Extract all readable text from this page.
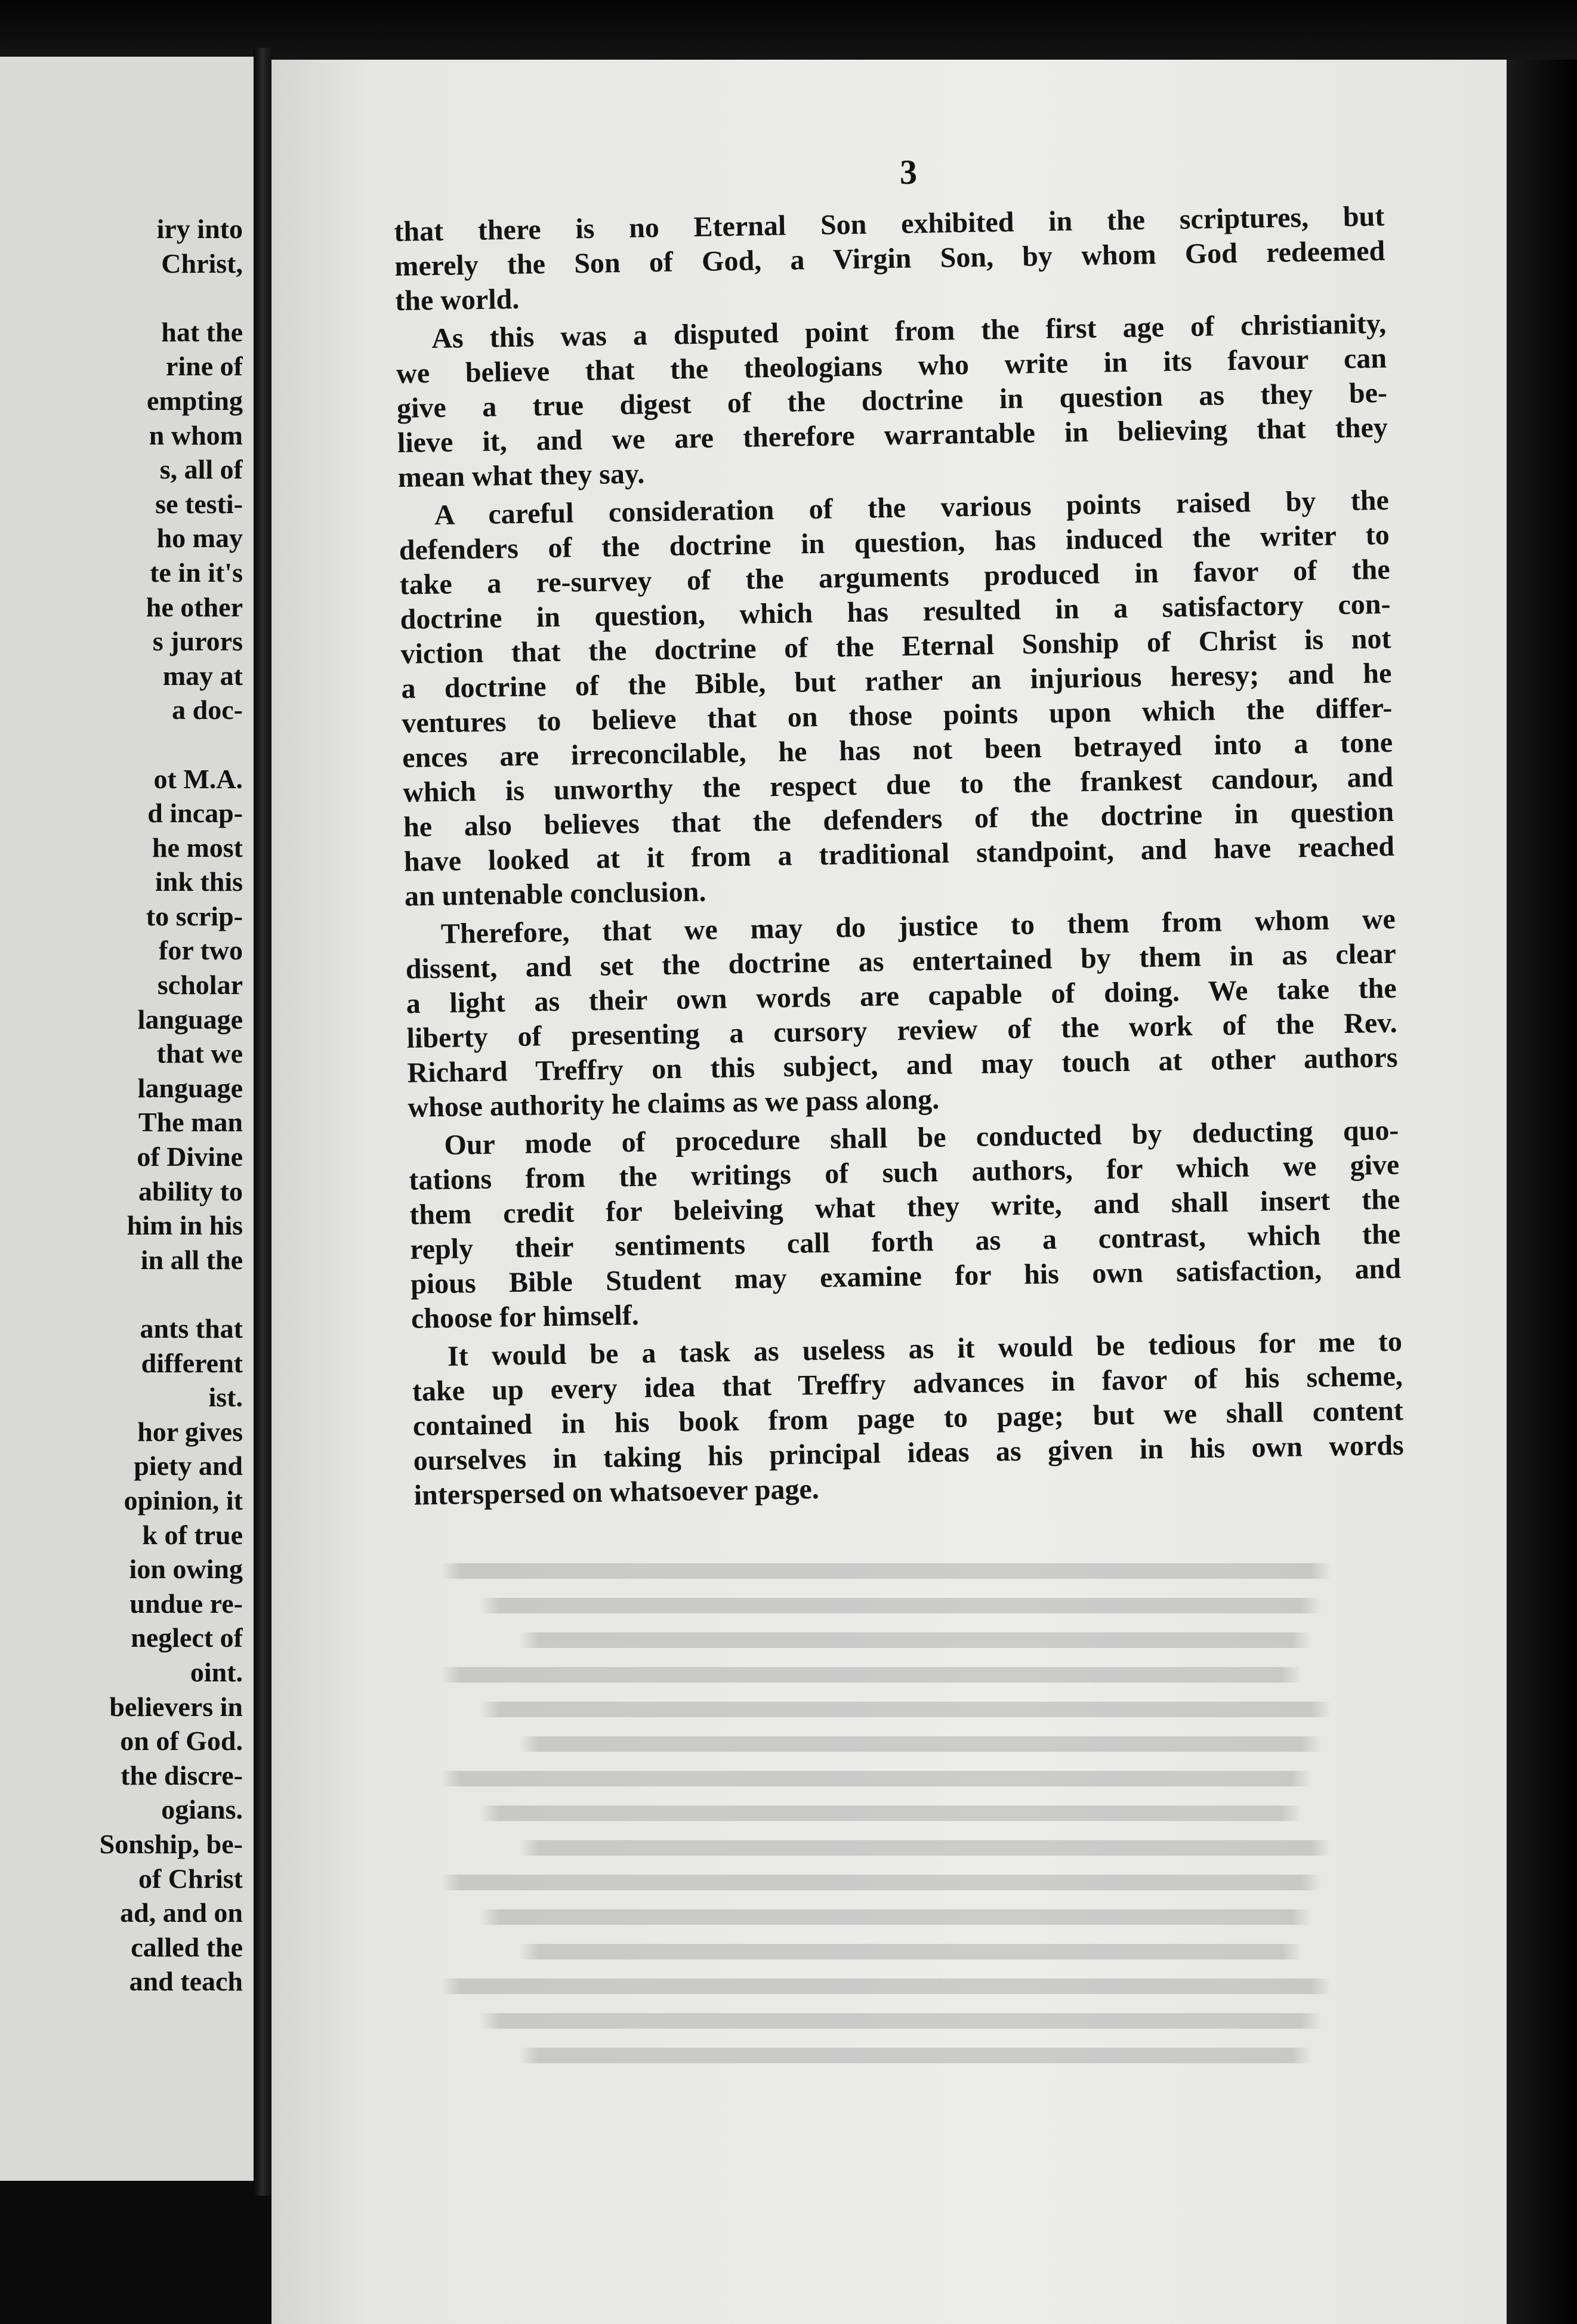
iry into
Christ,
hat the
rine of
empting
n whom
s, all of
se testi-
ho may
te in it's
he other
s jurors
may at
a doc-
ot M.A.
d incap-
he most
ink this
to scrip-
for two
scholar
language
that we
language
The man
of Divine
ability to
him in his
in all the
ants that
different
ist.
hor gives
piety and
opinion, it
k of true
ion owing
undue re-
neglect of
oint.
believers in
on of God.
the discre-
ogians.
Sonship, be-
of Christ
ad, and on
called the
and teach
3
that there is no Eternal Son exhibited in the scriptures, but
merely the Son of God, a Virgin Son, by whom God redeemed
the world.
As this was a disputed point from the first age of christianity,
we believe that the theologians who write in its favour can
give a true digest of the doctrine in question as they be-
lieve it, and we are therefore warrantable in believing that they
mean what they say.
A careful consideration of the various points raised by the
defenders of the doctrine in question, has induced the writer to
take a re-survey of the arguments produced in favor of the
doctrine in question, which has resulted in a satisfactory con-
viction that the doctrine of the Eternal Sonship of Christ is not
a doctrine of the Bible, but rather an injurious heresy; and he
ventures to believe that on those points upon which the differ-
ences are irreconcilable, he has not been betrayed into a tone
which is unworthy the respect due to the frankest candour, and
he also believes that the defenders of the doctrine in question
have looked at it from a traditional standpoint, and have reached
an untenable conclusion.
Therefore, that we may do justice to them from whom we
dissent, and set the doctrine as entertained by them in as clear
a light as their own words are capable of doing. We take the
liberty of presenting a cursory review of the work of the Rev.
Richard Treffry on this subject, and may touch at other authors
whose authority he claims as we pass along.
Our mode of procedure shall be conducted by deducting quo-
tations from the writings of such authors, for which we give
them credit for beleiving what they write, and shall insert the
reply their sentiments call forth as a contrast, which the
pious Bible Student may examine for his own satisfaction, and
choose for himself.
It would be a task as useless as it would be tedious for me to
take up every idea that Treffry advances in favor of his scheme,
contained in his book from page to page; but we shall content
ourselves in taking his principal ideas as given in his own words
interspersed on whatsoever page.
